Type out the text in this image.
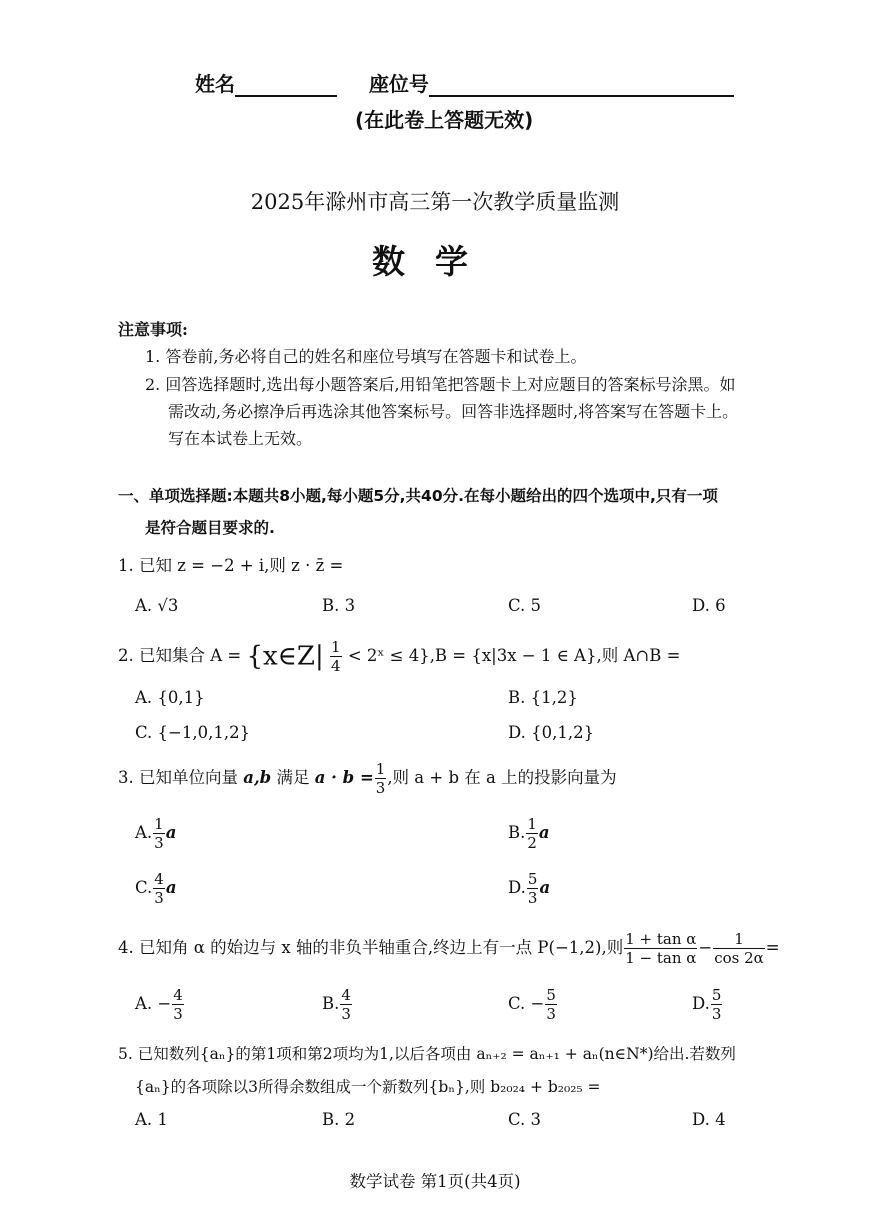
姓名	座位号
(在此卷上答题无效)
2025年滁州市高三第一次教学质量监测
数学
注意事项:
1. 答卷前,务必将自己的姓名和座位号填写在答题卡和试卷上。
2. 回答选择题时,选出每小题答案后,用铅笔把答题卡上对应题目的答案标号涂黑。如
需改动,务必擦净后再选涂其他答案标号。回答非选择题时,将答案写在答题卡上。
写在本试卷上无效。
一、单项选择题:本题共8小题,每小题5分,共40分.在每小题给出的四个选项中,只有一项
是符合题目要求的.
1. 已知 z = −2 + i,则 z · z̄ =
A. √3	B. 3	C. 5	D. 6
2. 已知集合 A = {x∈Z| $\frac{1}{4}$ < 2ˣ ≤ 4},B = {x|3x − 1 ∈ A},则 A∩B =
A. {0,1}	B. {1,2}
C. {−1,0,1,2}	D. {0,1,2}
3. 已知单位向量 a,b 满足 $a \cdot b = \frac{1}{3}$ ,则 a + b 在 a 上的投影向量为
A. $\frac{1}{3}$ a	B. $\frac{1}{2}$ a
C. $\frac{4}{3}$ a	D. $\frac{5}{3}$ a
4. 已知角 α 的始边与 x 轴的非负半轴重合,终边上有一点 P(−1,2),则 $\frac{\text{1 + tan α}}{\text{1 − tan α}} - \frac{1}{\cos 2\alpha}$ =
A. − $\frac{4}{3}$	B. $\frac{4}{3}$	C. − $\frac{5}{3}$	D. $\frac{5}{3}$
5. 已知数列{aₙ}的第1项和第2项均为1,以后各项由 aₙ₊₂ = aₙ₊₁ + aₙ(n∈N*)给出.若数列
{aₙ}的各项除以3所得余数组成一个新数列{bₙ},则 b₂₀₂₄ + b₂₀₂₅ =
A. 1	B. 2	C. 3	D. 4
数学试卷 第1页(共4页)
